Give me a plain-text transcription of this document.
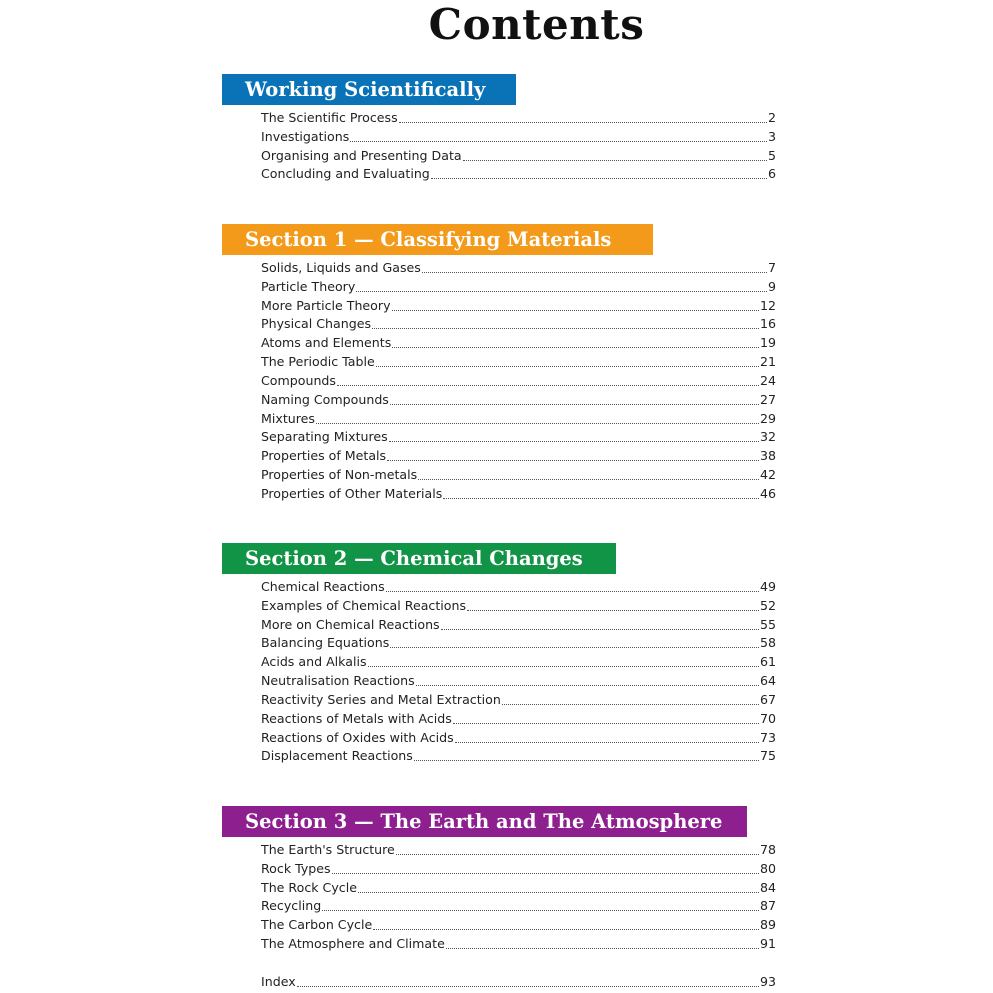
Contents
Index	93
Working Scientifically
The Scientific Process	2
Investigations	3
Organising and Presenting Data	5
Concluding and Evaluating	6
Section 1 — Classifying Materials
Solids, Liquids and Gases	7
Particle Theory	9
More Particle Theory	12
Physical Changes	16
Atoms and Elements	19
The Periodic Table	21
Compounds	24
Naming Compounds	27
Mixtures	29
Separating Mixtures	32
Properties of Metals	38
Properties of Non-metals	42
Properties of Other Materials	46
Section 2 — Chemical Changes
Chemical Reactions	49
Examples of Chemical Reactions	52
More on Chemical Reactions	55
Balancing Equations	58
Acids and Alkalis	61
Neutralisation Reactions	64
Reactivity Series and Metal Extraction	67
Reactions of Metals with Acids	70
Reactions of Oxides with Acids	73
Displacement Reactions	75
Section 3 — The Earth and The Atmosphere
The Earth's Structure	78
Rock Types	80
The Rock Cycle	84
Recycling	87
The Carbon Cycle	89
The Atmosphere and Climate	91
